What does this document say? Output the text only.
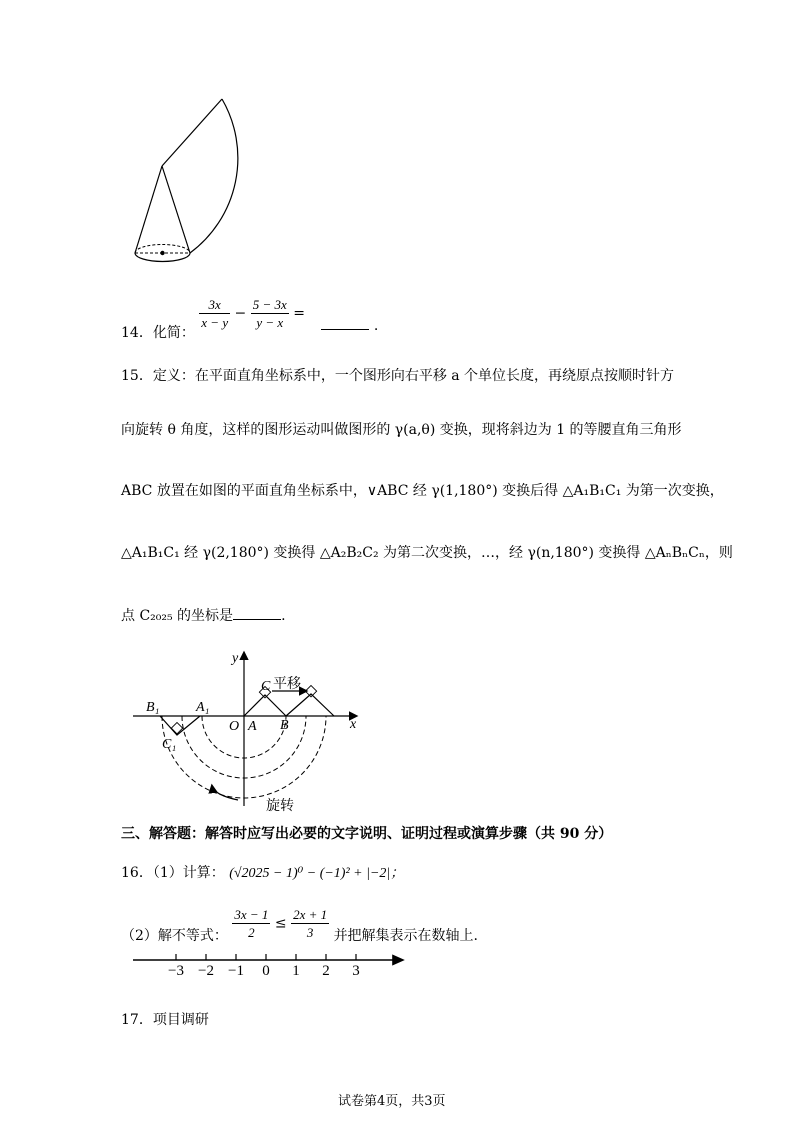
14．化简：
$\frac{3x}{x - y} - \frac{5 - 3x}{y - x}$ =  .
15．定义：在平面直角坐标系中，一个图形向右平移 a 个单位长度，再绕原点按顺时针方
向旋转 θ 角度，这样的图形运动叫做图形的 γ(a,θ) 变换，现将斜边为 1 的等腰直角三角形
ABC 放置在如图的平面直角坐标系中，∨ABC 经 γ(1,180°) 变换后得 △A₁B₁C₁ 为第一次变换，
△A₁B₁C₁ 经 γ(2,180°) 变换得 △A₂B₂C₂ 为第二次变换，…，经 γ(n,180°) 变换得 △AₙBₙCₙ，则
点 C₂₀₂₅ 的坐标是	.
y
x
O A
B₁	A₁
C₁
C
B
平移
旋转
三、解答题：解答时应写出必要的文字说明、证明过程或演算步骤（共 90 分）
16．（1）计算： (√2025 − 1)⁰ − (−1)² + |−2|；
（2）解不等式： $\frac{3x - 1}{2} \le \frac{2x + 1}{3}$ 并把解集表示在数轴上.
−3 −2 −1 0 1 2 3
17．项目调研
试卷第4页，共3页
